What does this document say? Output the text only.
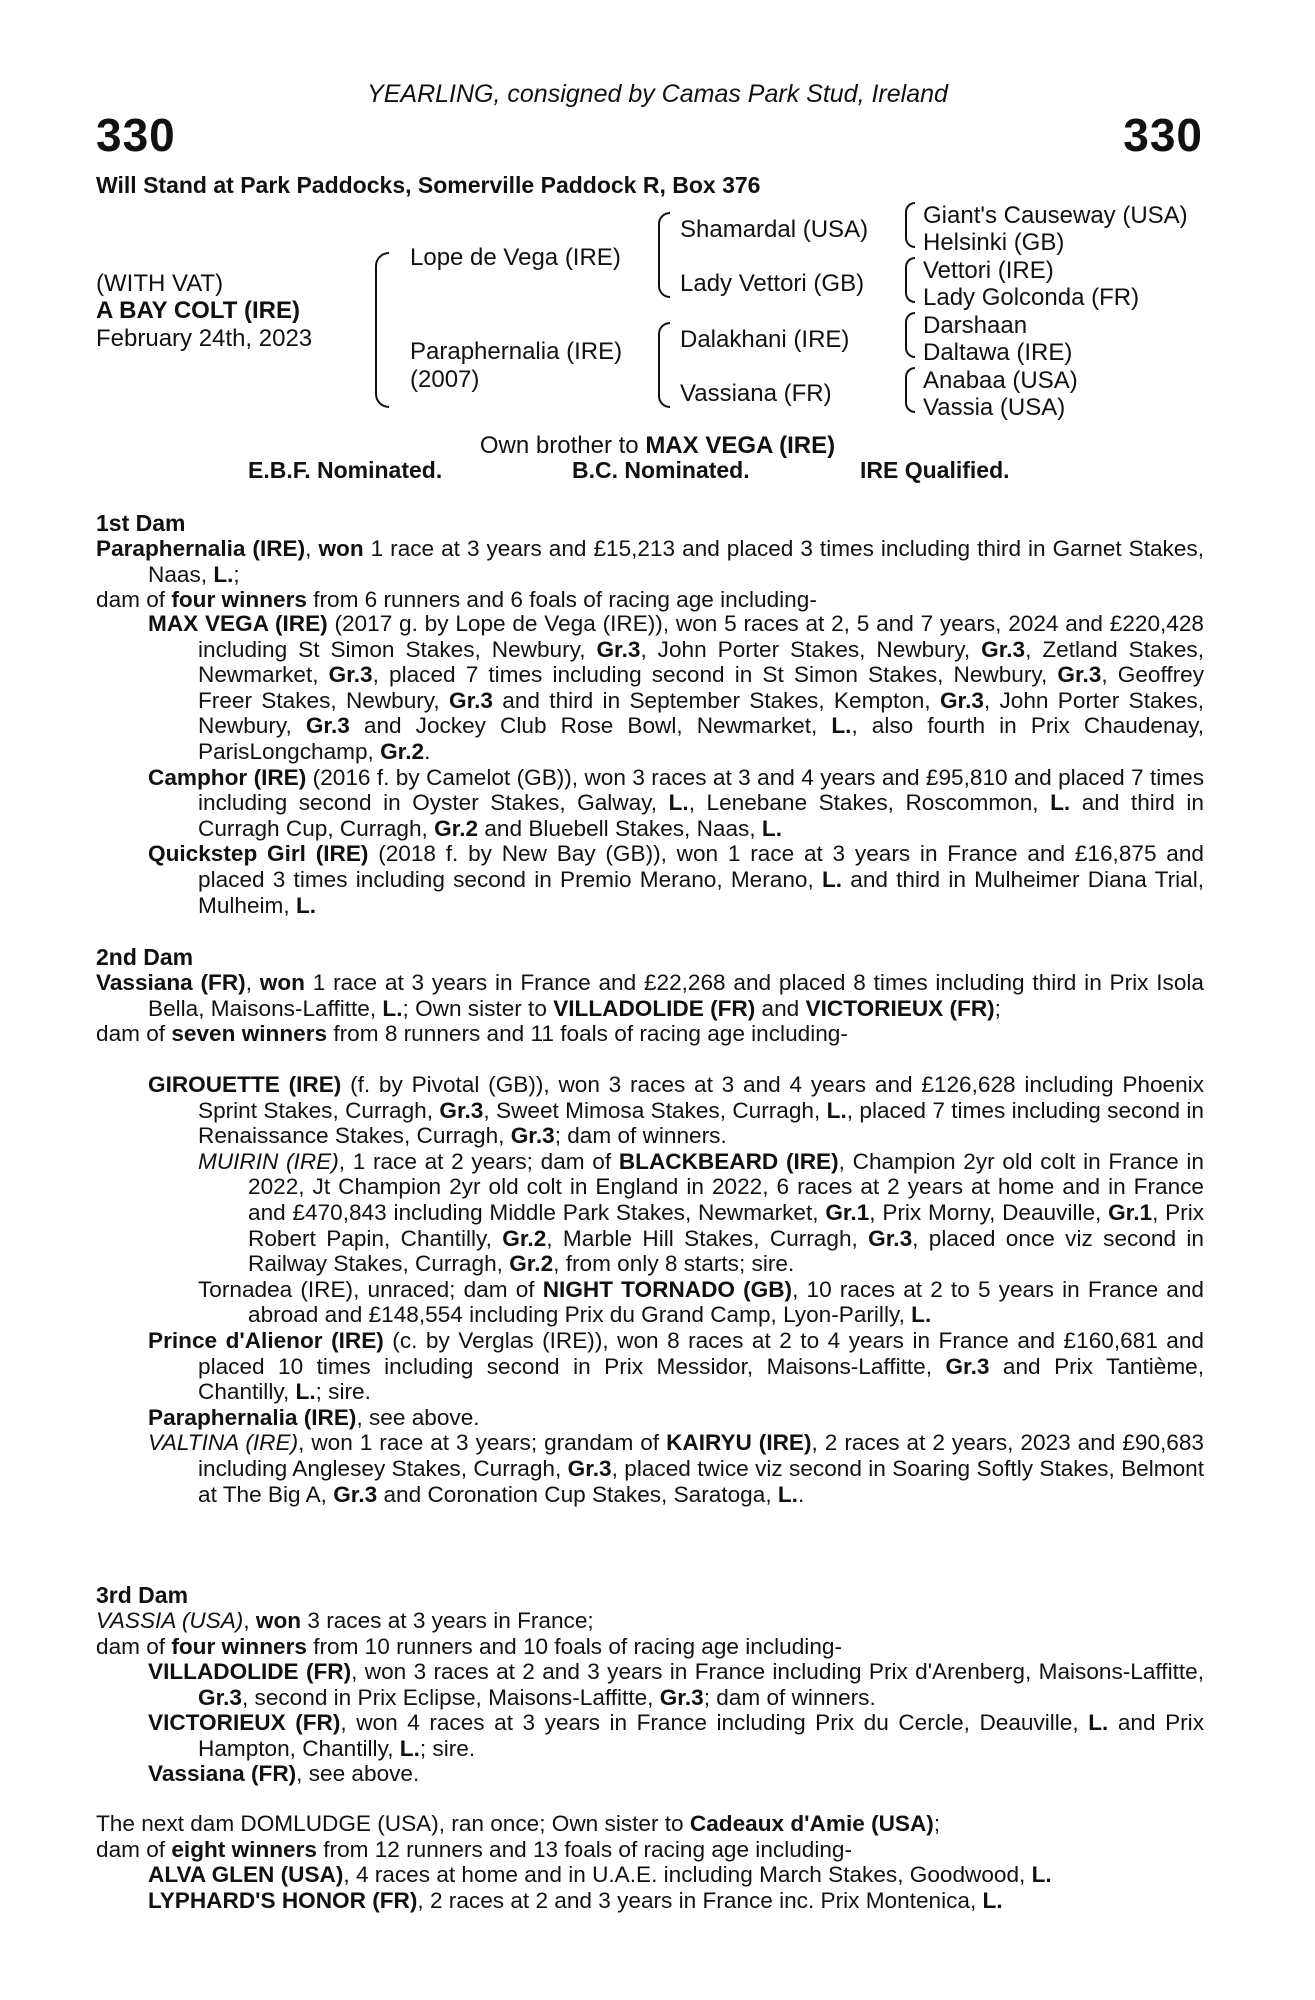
YEARLING, consigned by Camas Park Stud, Ireland
330	330
Will Stand at Park Paddocks, Somerville Paddock R, Box 376
(WITH VAT)
A BAY COLT (IRE)
February 24th, 2023
Lope de Vega (IRE)
Paraphernalia (IRE)
(2007)
Shamardal (USA)
Lady Vettori (GB)
Dalakhani (IRE)
Vassiana (FR)
Giant's Causeway (USA)
Helsinki (GB)
Vettori (IRE)
Lady Golconda (FR)
Darshaan
Daltawa (IRE)
Anabaa (USA)
Vassia (USA)
Own brother to MAX VEGA (IRE)
E.B.F. Nominated.	B.C. Nominated.	IRE Qualified.
1st Dam
Paraphernalia (IRE), won 1 race at 3 years and £15,213 and placed 3 times including third in Garnet Stakes, Naas, L.;
dam of four winners from 6 runners and 6 foals of racing age including-
MAX VEGA (IRE) (2017 g. by Lope de Vega (IRE)), won 5 races at 2, 5 and 7 years, 2024 and £220,428 including St Simon Stakes, Newbury, Gr.3, John Porter Stakes, Newbury, Gr.3, Zetland Stakes, Newmarket, Gr.3, placed 7 times including second in St Simon Stakes, Newbury, Gr.3, Geoffrey Freer Stakes, Newbury, Gr.3 and third in September Stakes, Kempton, Gr.3, John Porter Stakes, Newbury, Gr.3 and Jockey Club Rose Bowl, Newmarket, L., also fourth in Prix Chaudenay, ParisLongchamp, Gr.2.
Camphor (IRE) (2016 f. by Camelot (GB)), won 3 races at 3 and 4 years and £95,810 and placed 7 times including second in Oyster Stakes, Galway, L., Lenebane Stakes, Roscommon, L. and third in Curragh Cup, Curragh, Gr.2 and Bluebell Stakes, Naas, L.
Quickstep Girl (IRE) (2018 f. by New Bay (GB)), won 1 race at 3 years in France and £16,875 and placed 3 times including second in Premio Merano, Merano, L. and third in Mulheimer Diana Trial, Mulheim, L.
2nd Dam
Vassiana (FR), won 1 race at 3 years in France and £22,268 and placed 8 times including third in Prix Isola Bella, Maisons-Laffitte, L.; Own sister to VILLADOLIDE (FR) and VICTORIEUX (FR);
dam of seven winners from 8 runners and 11 foals of racing age including-
GIROUETTE (IRE) (f. by Pivotal (GB)), won 3 races at 3 and 4 years and £126,628 including Phoenix Sprint Stakes, Curragh, Gr.3, Sweet Mimosa Stakes, Curragh, L., placed 7 times including second in Renaissance Stakes, Curragh, Gr.3; dam of winners.
MUIRIN (IRE), 1 race at 2 years; dam of BLACKBEARD (IRE), Champion 2yr old colt in France in 2022, Jt Champion 2yr old colt in England in 2022, 6 races at 2 years at home and in France and £470,843 including Middle Park Stakes, Newmarket, Gr.1, Prix Morny, Deauville, Gr.1, Prix Robert Papin, Chantilly, Gr.2, Marble Hill Stakes, Curragh, Gr.3, placed once viz second in Railway Stakes, Curragh, Gr.2, from only 8 starts; sire.
Tornadea (IRE), unraced; dam of NIGHT TORNADO (GB), 10 races at 2 to 5 years in France and abroad and £148,554 including Prix du Grand Camp, Lyon-Parilly, L.
Prince d'Alienor (IRE) (c. by Verglas (IRE)), won 8 races at 2 to 4 years in France and £160,681 and placed 10 times including second in Prix Messidor, Maisons-Laffitte, Gr.3 and Prix Tantième, Chantilly, L.; sire.
Paraphernalia (IRE), see above.
VALTINA (IRE), won 1 race at 3 years; grandam of KAIRYU (IRE), 2 races at 2 years, 2023 and £90,683 including Anglesey Stakes, Curragh, Gr.3, placed twice viz second in Soaring Softly Stakes, Belmont at The Big A, Gr.3 and Coronation Cup Stakes, Saratoga, L..
3rd Dam
VASSIA (USA), won 3 races at 3 years in France;
dam of four winners from 10 runners and 10 foals of racing age including-
VILLADOLIDE (FR), won 3 races at 2 and 3 years in France including Prix d'Arenberg, Maisons-Laffitte, Gr.3, second in Prix Eclipse, Maisons-Laffitte, Gr.3; dam of winners.
VICTORIEUX (FR), won 4 races at 3 years in France including Prix du Cercle, Deauville, L. and Prix Hampton, Chantilly, L.; sire.
Vassiana (FR), see above.
The next dam DOMLUDGE (USA), ran once; Own sister to Cadeaux d'Amie (USA);
dam of eight winners from 12 runners and 13 foals of racing age including-
ALVA GLEN (USA), 4 races at home and in U.A.E. including March Stakes, Goodwood, L.
LYPHARD'S HONOR (FR), 2 races at 2 and 3 years in France inc. Prix Montenica, L.
